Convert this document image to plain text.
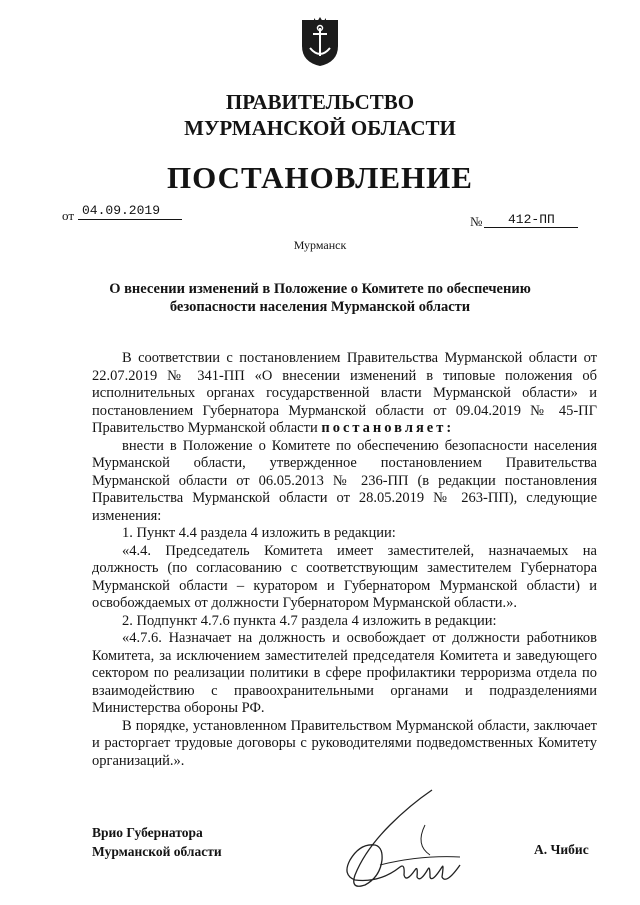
ПРАВИТЕЛЬСТВО
МУРМАНСКОЙ ОБЛАСТИ
ПОСТАНОВЛЕНИЕ
от 04.09.2019
№	412-ПП
Мурманск
О внесении изменений в Положение о Комитете по обеспечению безопасности населения Мурманской области

В соответствии с постановлением Правительства Мурманской области от 22.07.2019 № 341-ПП «О внесении изменений в типовые положения об исполнительных органах государственной власти Мурманской области» и постановлением Губернатора Мурманской области от 09.04.2019 № 45-ПГ Правительство Мурманской области постановляет:

внести в Положение о Комитете по обеспечению безопасности населения Мурманской области, утвержденное постановлением Правительства Мурманской области от 06.05.2013 № 236-ПП (в редакции постановления Правительства Мурманской области от 28.05.2019 № 263-ПП), следующие изменения:

1. Пункт 4.4 раздела 4 изложить в редакции:

«4.4. Председатель Комитета имеет заместителей, назначаемых на должность (по согласованию с соответствующим заместителем Губернатора Мурманской области – куратором и Губернатором Мурманской области) и освобождаемых от должности Губернатором Мурманской области.».

2. Подпункт 4.7.6 пункта 4.7 раздела 4 изложить в редакции:

«4.7.6. Назначает на должность и освобождает от должности работников Комитета, за исключением заместителей председателя Комитета и заведующего сектором по реализации политики в сфере профилактики терроризма отдела по взаимодействию с правоохранительными органами и подразделениями Министерства обороны РФ.

В порядке, установленном Правительством Мурманской области, заключает и расторгает трудовые договоры с руководителями подведомственных Комитету организаций.».

Врио Губернатора
Мурманской области	А. Чибис
